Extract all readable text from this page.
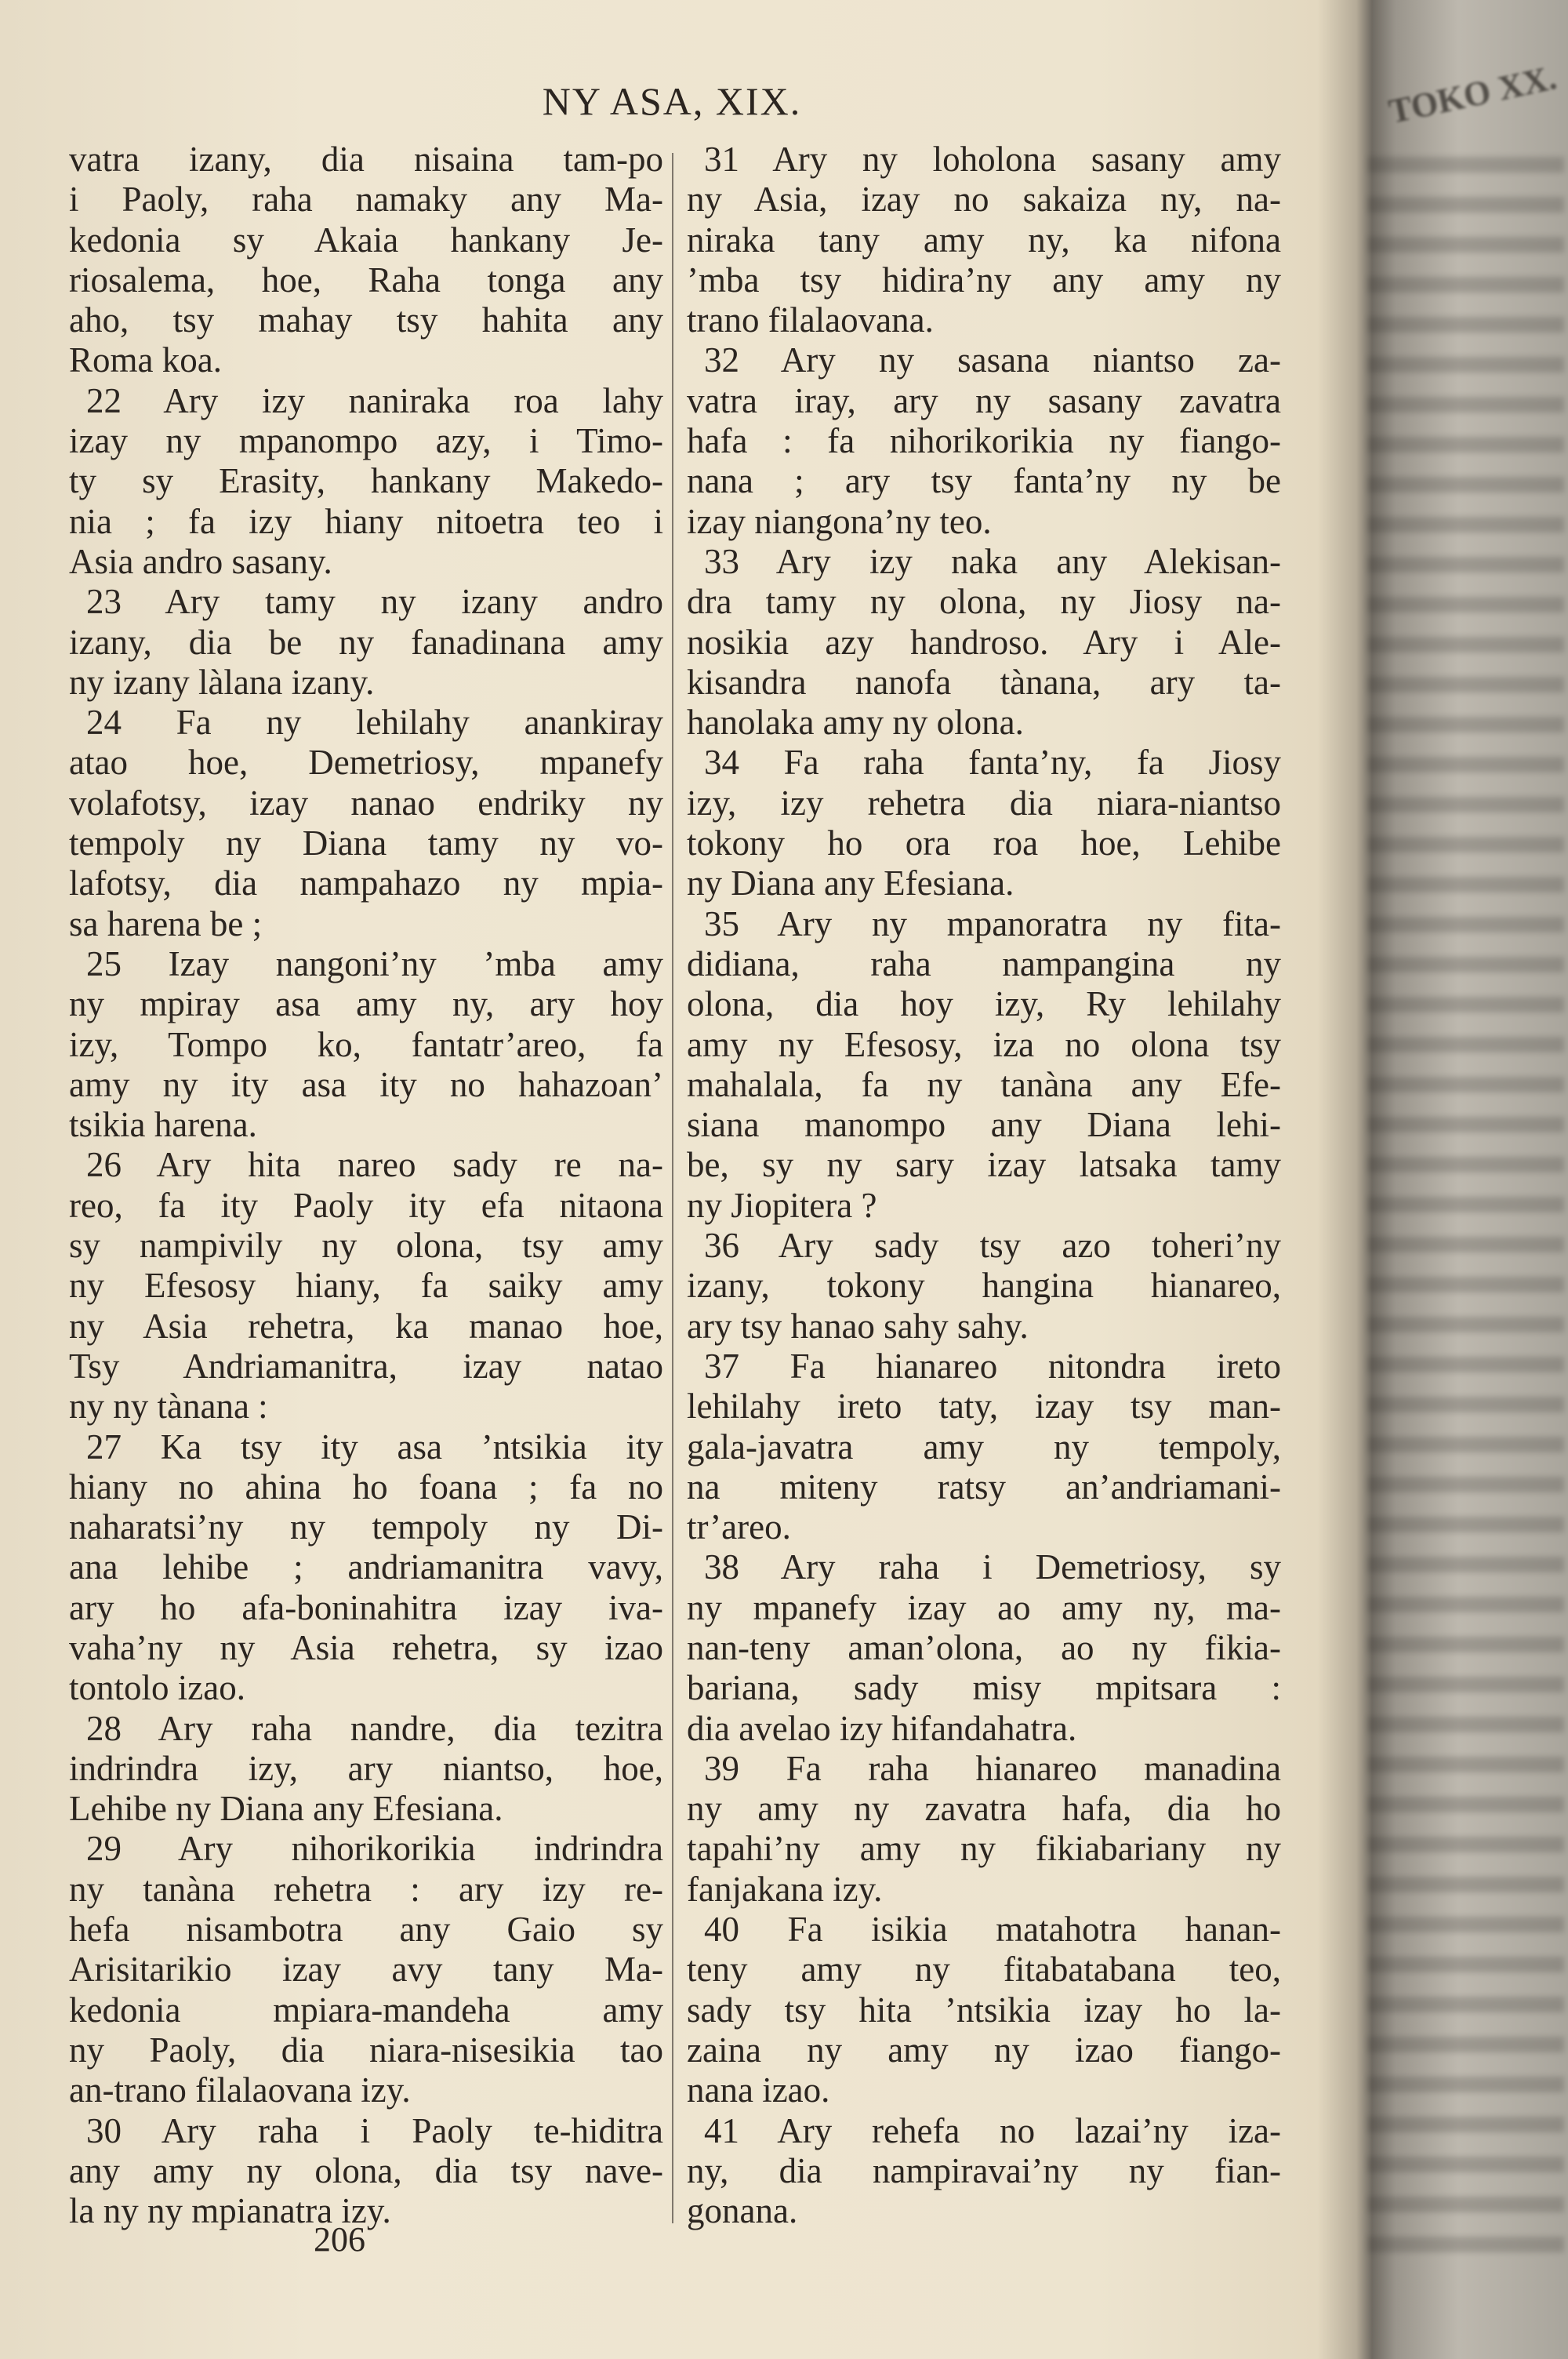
NY ASA, XIX.
vatra izany, dia nisaina tam-po
i Paoly, raha namaky any Ma-
kedonia sy Akaia hankany Je-
riosalema, hoe, Raha tonga any
aho, tsy mahay tsy hahita any
Roma koa.
22 Ary izy naniraka roa lahy
izay ny mpanompo azy, i Timo-
ty sy Erasity, hankany Makedo-
nia ; fa izy hiany nitoetra teo i
Asia andro sasany.
23 Ary tamy ny izany andro
izany, dia be ny fanadinana amy
ny izany làlana izany.
24 Fa ny lehilahy anankiray
atao hoe, Demetriosy, mpanefy
volafotsy, izay nanao endriky ny
tempoly ny Diana tamy ny vo-
lafotsy, dia nampahazo ny mpia-
sa harena be ;
25 Izay nangoni’ny ’mba amy
ny mpiray asa amy ny, ary hoy
izy, Tompo ko, fantatr’areo, fa
amy ny ity asa ity no hahazoan’
tsikia harena.
26 Ary hita nareo sady re na-
reo, fa ity Paoly ity efa nitaona
sy nampivily ny olona, tsy amy
ny Efesosy hiany, fa saiky amy
ny Asia rehetra, ka manao hoe,
Tsy Andriamanitra, izay natao
ny ny tànana :
27 Ka tsy ity asa ’ntsikia ity
hiany no ahina ho foana ; fa no
naharatsi’ny ny tempoly ny Di-
ana lehibe ; andriamanitra vavy,
ary ho afa-boninahitra izay iva-
vaha’ny ny Asia rehetra, sy izao
tontolo izao.
28 Ary raha nandre, dia tezitra
indrindra izy, ary niantso, hoe,
Lehibe ny Diana any Efesiana.
29 Ary nihorikorikia indrindra
ny tanàna rehetra : ary izy re-
hefa nisambotra any Gaio sy
Arisitarikio izay avy tany Ma-
kedonia mpiara-mandeha amy
ny Paoly, dia niara-nisesikia tao
an-trano filalaovana izy.
30 Ary raha i Paoly te-hiditra
any amy ny olona, dia tsy nave-
la ny ny mpianatra izy.
31 Ary ny loholona sasany amy
ny Asia, izay no sakaiza ny, na-
niraka tany amy ny, ka nifona
’mba tsy hidira’ny any amy ny
trano filalaovana.
32 Ary ny sasana niantso za-
vatra iray, ary ny sasany zavatra
hafa : fa nihorikorikia ny fiango-
nana ; ary tsy fanta’ny ny be
izay niangona’ny teo.
33 Ary izy naka any Alekisan-
dra tamy ny olona, ny Jiosy na-
nosikia azy handroso. Ary i Ale-
kisandra nanofa tànana, ary ta-
hanolaka amy ny olona.
34 Fa raha fanta’ny, fa Jiosy
izy, izy rehetra dia niara-niantso
tokony ho ora roa hoe, Lehibe
ny Diana any Efesiana.
35 Ary ny mpanoratra ny fita-
didiana, raha nampangina ny
olona, dia hoy izy, Ry lehilahy
amy ny Efesosy, iza no olona tsy
mahalala, fa ny tanàna any Efe-
siana manompo any Diana lehi-
be, sy ny sary izay latsaka tamy
ny Jiopitera ?
36 Ary sady tsy azo toheri’ny
izany, tokony hangina hianareo,
ary tsy hanao sahy sahy.
37 Fa hianareo nitondra ireto
lehilahy ireto taty, izay tsy man-
gala-javatra amy ny tempoly,
na miteny ratsy an’andriamani-
tr’areo.
38 Ary raha i Demetriosy, sy
ny mpanefy izay ao amy ny, ma-
nan-teny aman’olona, ao ny fikia-
bariana, sady misy mpitsara :
dia avelao izy hifandahatra.
39 Fa raha hianareo manadina
ny amy ny zavatra hafa, dia ho
tapahi’ny amy ny fikiabariany ny
fanjakana izy.
40 Fa isikia matahotra hanan-
teny amy ny fitabatabana teo,
sady tsy hita ’ntsikia izay ho la-
zaina ny amy ny izao fiango-
nana izao.
41 Ary rehefa no lazai’ny iza-
ny, dia nampiravai’ny ny fian-
gonana.
206
TOKO XX.
